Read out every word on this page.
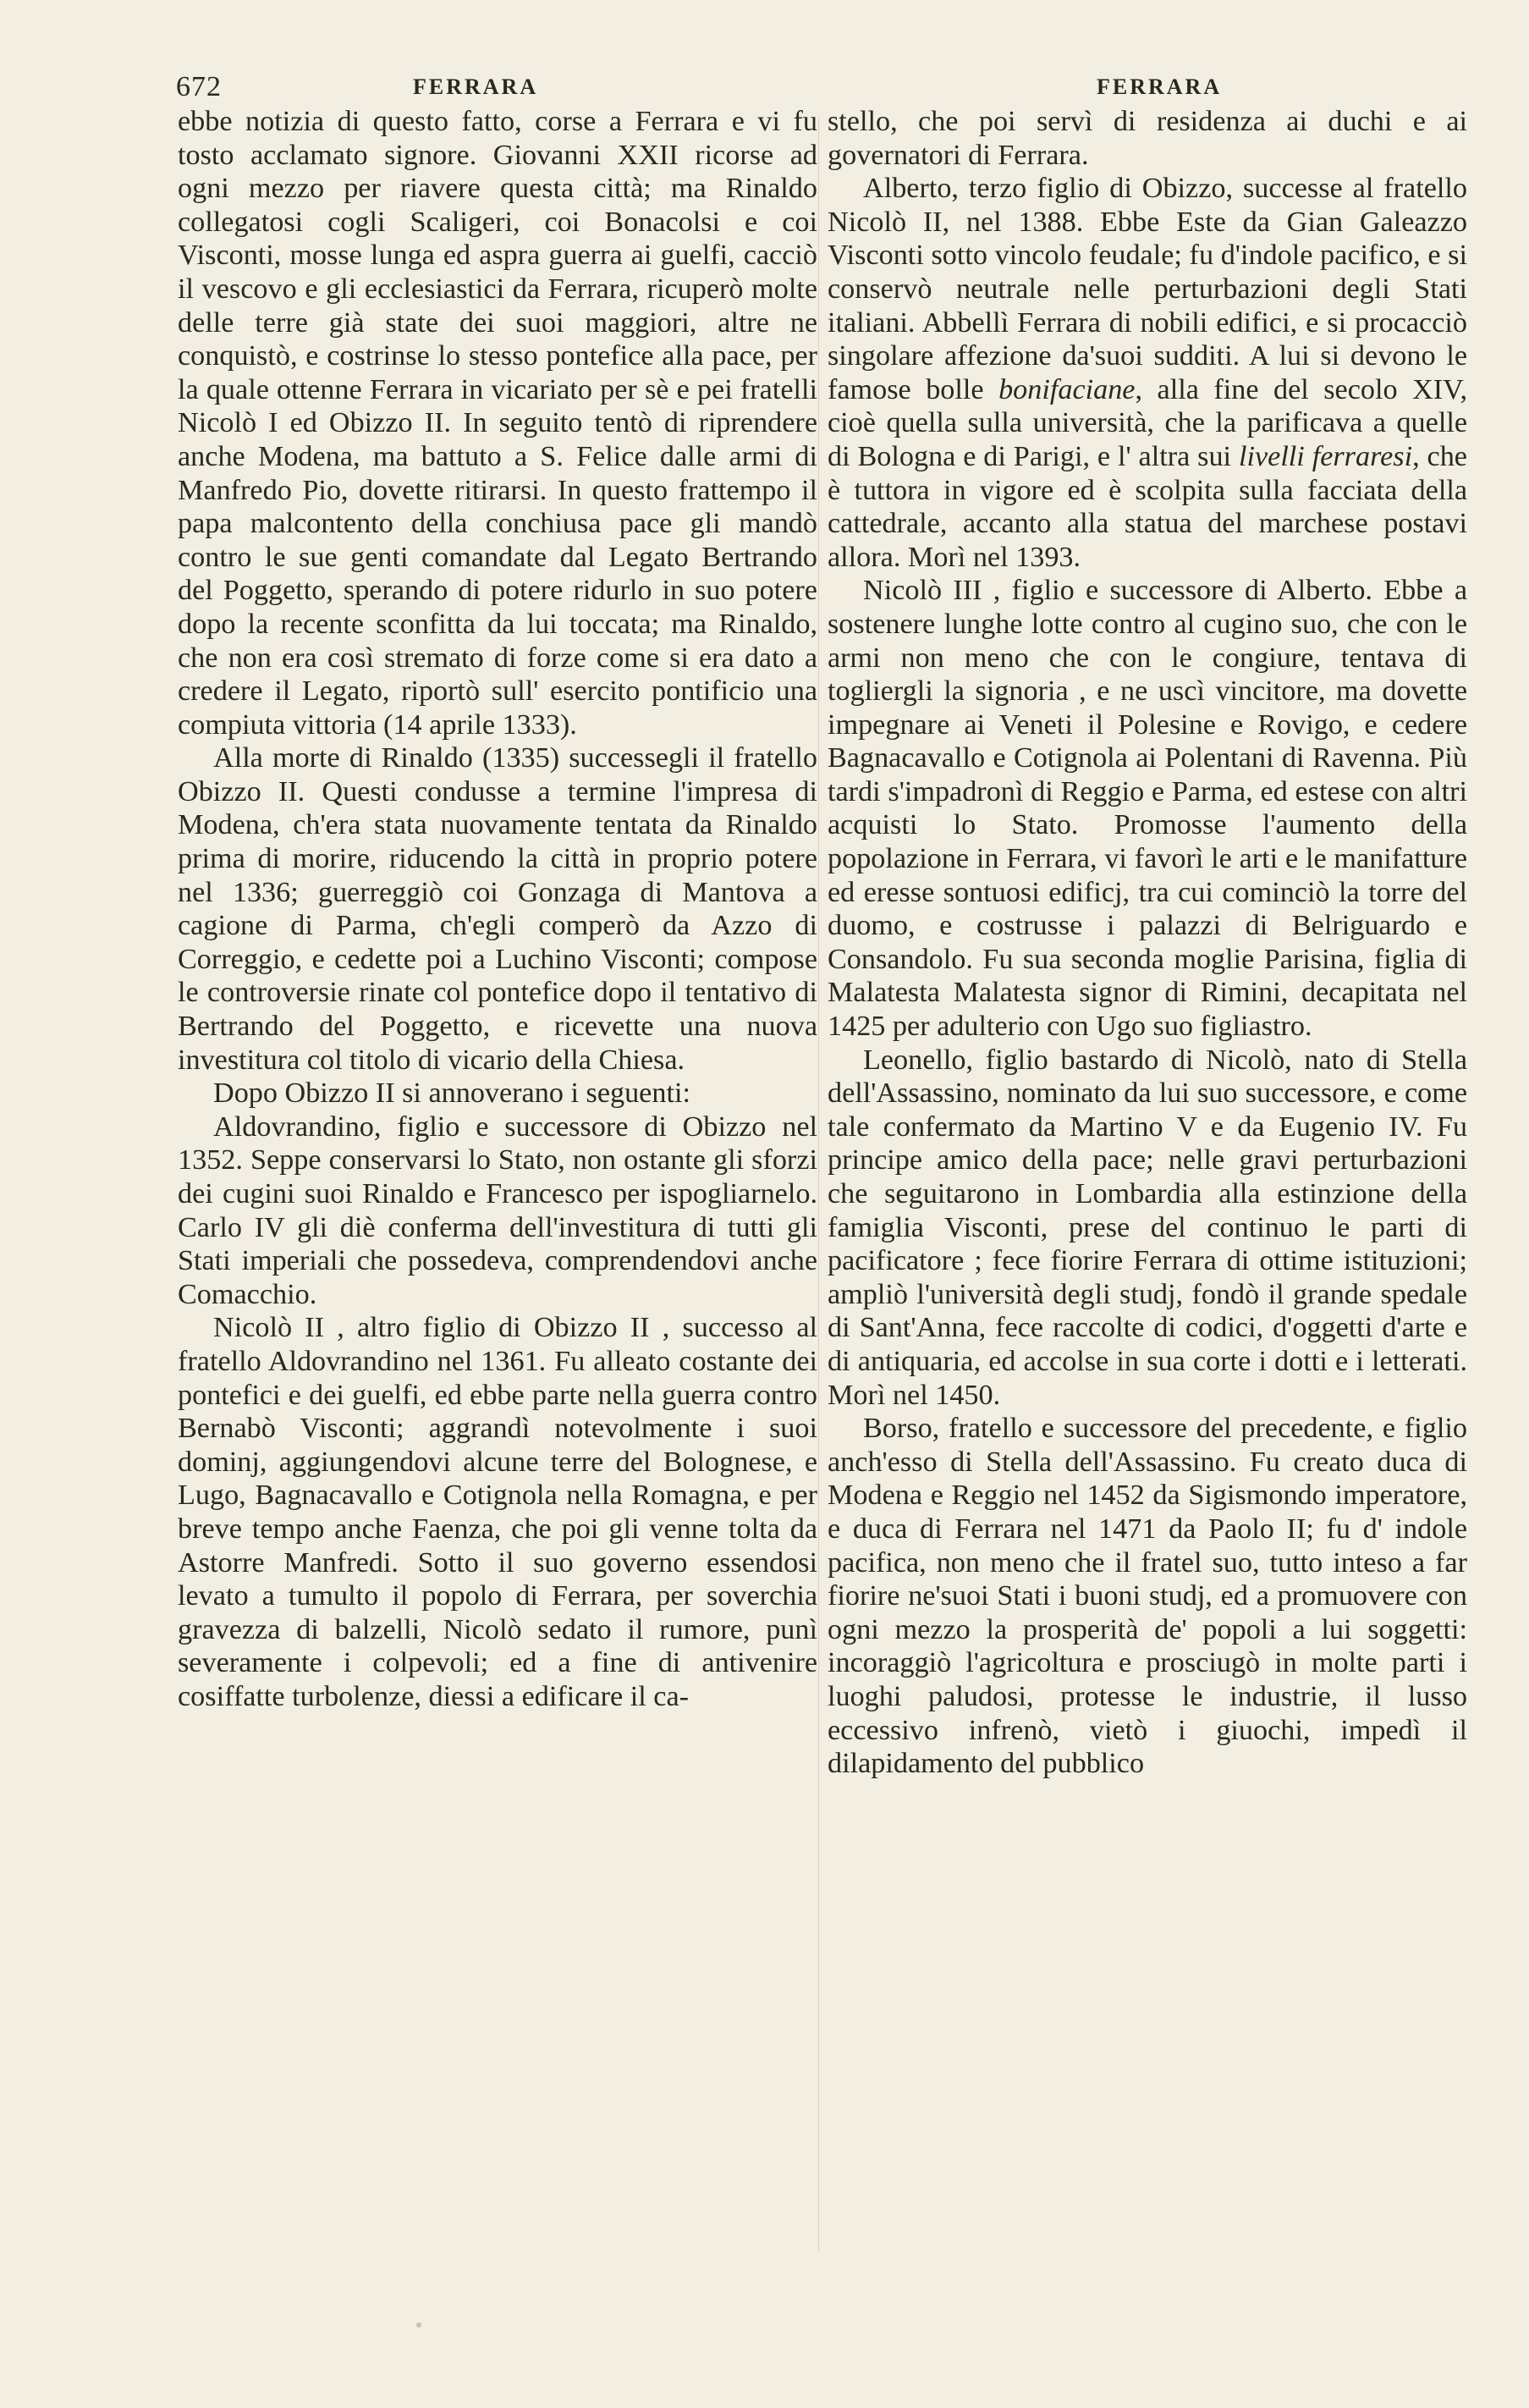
672	FERRARA	FERRARA

ebbe notizia di questo fatto, corse a Ferrara e vi fu tosto acclamato signore. Giovanni XXII ricorse ad ogni mezzo per riavere questa città; ma Rinaldo collegatosi cogli Scaligeri, coi Bonacolsi e coi Visconti, mosse lunga ed aspra guerra ai guelfi, cacciò il vescovo e gli ecclesiastici da Ferrara, ricuperò molte delle terre già state dei suoi maggiori, altre ne conquistò, e costrinse lo stesso pontefice alla pace, per la quale ottenne Ferrara in vicariato per sè e pei fratelli Nicolò I ed Obizzo II. In seguito tentò di riprendere anche Modena, ma battuto a S. Felice dalle armi di Manfredo Pio, dovette ritirarsi. In questo frattempo il papa malcontento della conchiusa pace gli mandò contro le sue genti comandate dal Legato Bertrando del Poggetto, sperando di potere ridurlo in suo potere dopo la recente sconfitta da lui toccata; ma Rinaldo, che non era così stremato di forze come si era dato a credere il Legato, riportò sull' esercito pontificio una compiuta vittoria (14 aprile 1333).

Alla morte di Rinaldo (1335) successegli il fratello Obizzo II. Questi condusse a termine l'impresa di Modena, ch'era stata nuovamente tentata da Rinaldo prima di morire, riducendo la città in proprio potere nel 1336; guerreggiò coi Gonzaga di Mantova a cagione di Parma, ch'egli comperò da Azzo di Correggio, e cedette poi a Luchino Visconti; compose le controversie rinate col pontefice dopo il tentativo di Bertrando del Poggetto, e ricevette una nuova investitura col titolo di vicario della Chiesa.

Dopo Obizzo II si annoverano i seguenti:

Aldovrandino, figlio e successore di Obizzo nel 1352. Seppe conservarsi lo Stato, non ostante gli sforzi dei cugini suoi Rinaldo e Francesco per ispogliarnelo. Carlo IV gli diè conferma dell'investitura di tutti gli Stati imperiali che possedeva, comprendendovi anche Comacchio.

Nicolò II , altro figlio di Obizzo II , successo al fratello Aldovrandino nel 1361. Fu alleato costante dei pontefici e dei guelfi, ed ebbe parte nella guerra contro Bernabò Visconti; aggrandì notevolmente i suoi dominj, aggiungendovi alcune terre del Bolognese, e Lugo, Bagnacavallo e Cotignola nella Romagna, e per breve tempo anche Faenza, che poi gli venne tolta da Astorre Manfredi. Sotto il suo governo essendosi levato a tumulto il popolo di Ferrara, per soverchia gravezza di balzelli, Nicolò sedato il rumore, punì severamente i colpevoli; ed a fine di antivenire cosiffatte turbolenze, diessi a edificare il ca-

stello, che poi servì di residenza ai duchi e ai governatori di Ferrara.

Alberto, terzo figlio di Obizzo, successe al fratello Nicolò II, nel 1388. Ebbe Este da Gian Galeazzo Visconti sotto vincolo feudale; fu d'indole pacifico, e si conservò neutrale nelle perturbazioni degli Stati italiani. Abbellì Ferrara di nobili edifici, e si procacciò singolare affezione da'suoi sudditi. A lui si devono le famose bolle bonifaciane, alla fine del secolo XIV, cioè quella sulla università, che la parificava a quelle di Bologna e di Parigi, e l' altra sui livelli ferraresi, che è tuttora in vigore ed è scolpita sulla facciata della cattedrale, accanto alla statua del marchese postavi allora. Morì nel 1393.

Nicolò III , figlio e successore di Alberto. Ebbe a sostenere lunghe lotte contro al cugino suo, che con le armi non meno che con le congiure, tentava di togliergli la signoria , e ne uscì vincitore, ma dovette impegnare ai Veneti il Polesine e Rovigo, e cedere Bagnacavallo e Cotignola ai Polentani di Ravenna. Più tardi s'impadronì di Reggio e Parma, ed estese con altri acquisti lo Stato. Promosse l'aumento della popolazione in Ferrara, vi favorì le arti e le manifatture ed eresse sontuosi edificj, tra cui cominciò la torre del duomo, e costrusse i palazzi di Belriguardo e Consandolo. Fu sua seconda moglie Parisina, figlia di Malatesta Malatesta signor di Rimini, decapitata nel 1425 per adulterio con Ugo suo figliastro.

Leonello, figlio bastardo di Nicolò, nato di Stella dell'Assassino, nominato da lui suo successore, e come tale confermato da Martino V e da Eugenio IV. Fu principe amico della pace; nelle gravi perturbazioni che seguitarono in Lombardia alla estinzione della famiglia Visconti, prese del continuo le parti di pacificatore ; fece fiorire Ferrara di ottime istituzioni; ampliò l'università degli studj, fondò il grande spedale di Sant'Anna, fece raccolte di codici, d'oggetti d'arte e di antiquaria, ed accolse in sua corte i dotti e i letterati. Morì nel 1450.

Borso, fratello e successore del precedente, e figlio anch'esso di Stella dell'Assassino. Fu creato duca di Modena e Reggio nel 1452 da Sigismondo imperatore, e duca di Ferrara nel 1471 da Paolo II; fu d' indole pacifica, non meno che il fratel suo, tutto inteso a far fiorire ne'suoi Stati i buoni studj, ed a promuovere con ogni mezzo la prosperità de' popoli a lui soggetti: incoraggiò l'agricoltura e prosciugò in molte parti i luoghi paludosi, protesse le industrie, il lusso eccessivo infrenò, vietò i giuochi, impedì il dilapidamento del pubblico
